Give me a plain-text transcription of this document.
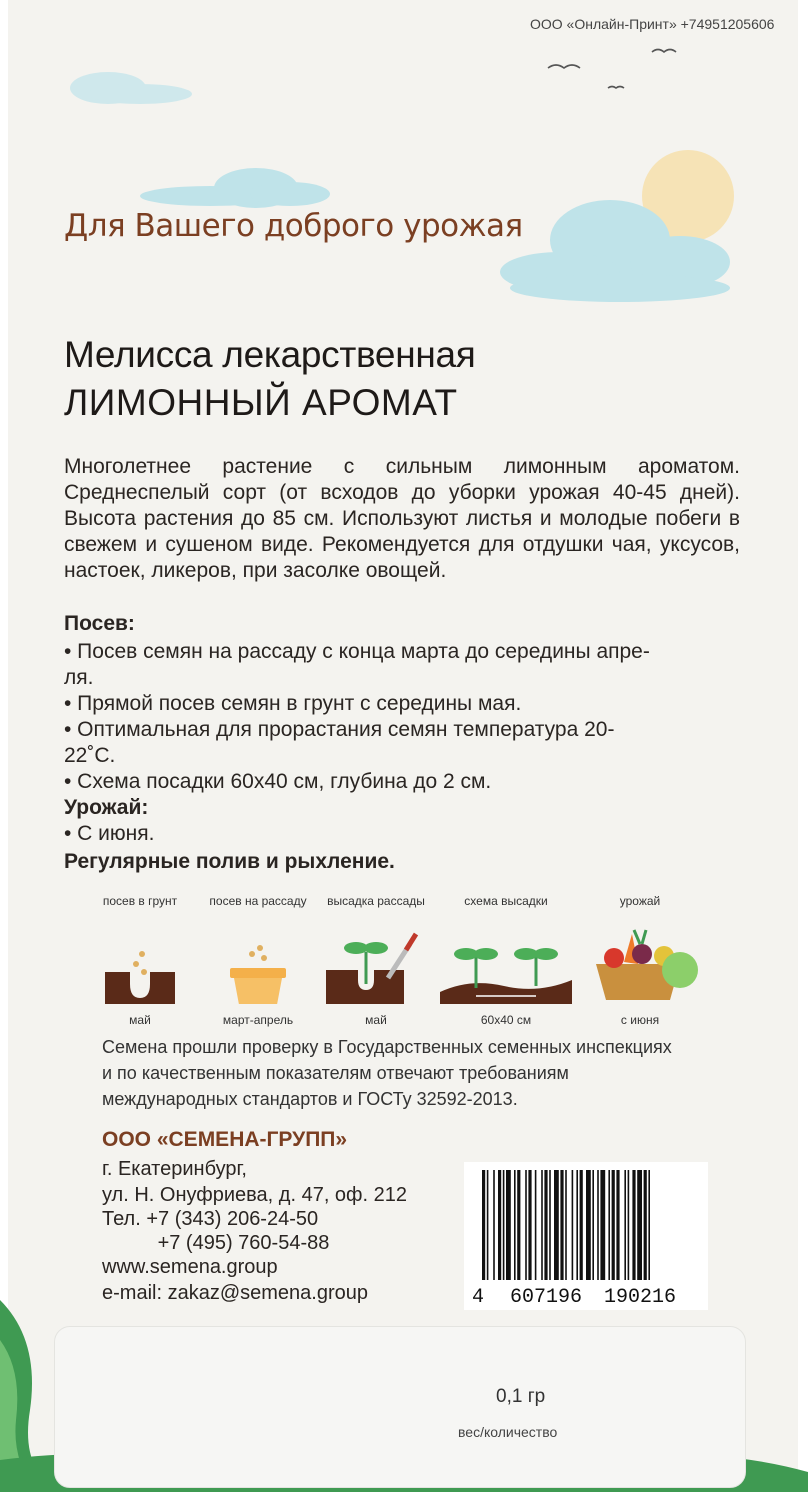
ООО «Онлайн-Принт» +74951205606
Для Вашего доброго урожая
Мелисса лекарственная
ЛИМОННЫЙ АРОМАТ
Многолетнее растение с сильным лимонным ароматом. Среднеспелый сорт (от всходов до уборки урожая 40-45 дней). Высота растения до 85 см. Используют листья и молодые побеги в свежем и сушеном виде. Рекомендуется для отдушки чая, уксусов, настоек, ликеров, при засолке овощей.
Посев:
• Посев семян на рассаду с конца марта до середины апре-
ля.
• Прямой посев семян в грунт с середины мая.
• Оптимальная для прорастания семян температура 20-
22˚С.
• Схема посадки 60х40 см, глубина до 2 см.
Урожай:
• С июня.
Регулярные полив и рыхление.
посев в грунт
май
посев на рассаду
март-апрель
высадка рассады
май
схема высадки
60х40 см
урожай
с июня
Семена прошли проверку в Государственных семенных инспекциях
и по качественным показателям отвечают требованиям
международных стандартов и ГОСТу 32592-2013.
ООО «СЕМЕНА-ГРУПП»
г. Екатеринбург,
ул. Н. Онуфриева, д. 47, оф. 212
Тел. +7 (343) 206-24-50
+7 (495) 760-54-88
www.semena.group
e-mail: zakaz@semena.group	4 607196 190216
0,1 гр
вес/количество
